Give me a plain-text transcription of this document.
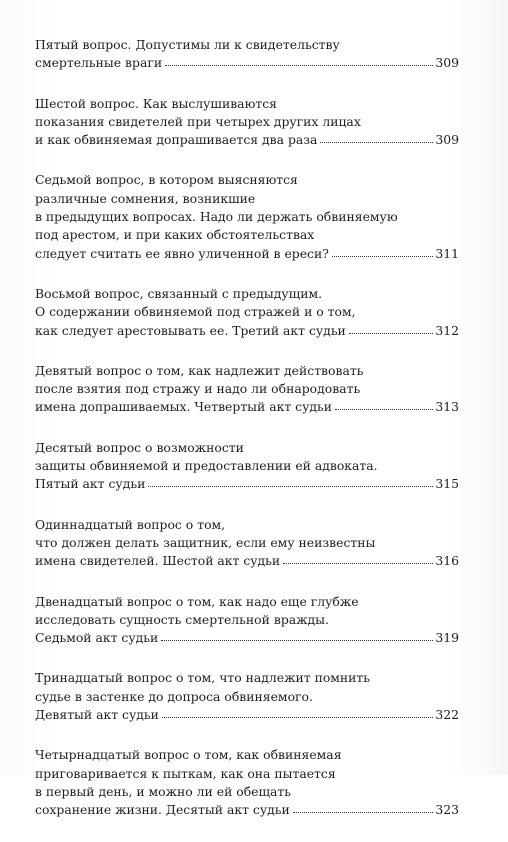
Пятый вопрос. Допустимы ли к свидетельству
смертельные враги	309
Шестой вопрос. Как выслушиваются
показания свидетелей при четырех других лицах
и как обвиняемая допрашивается два раза	309
Седьмой вопрос, в котором выясняются
различные сомнения, возникшие
в предыдущих вопросах. Надо ли держать обвиняемую
под арестом, и при каких обстоятельствах
следует считать ее явно уличенной в ереси?	311
Восьмой вопрос, связанный с предыдущим.
О содержании обвиняемой под стражей и о том,
как следует арестовывать ее. Третий акт судьи	312
Девятый вопрос о том, как надлежит действовать
после взятия под стражу и надо ли обнародовать
имена допрашиваемых. Четвертый акт судьи	313
Десятый вопрос о возможности
защиты обвиняемой и предоставлении ей адвоката.
Пятый акт судьи	315
Одиннадцатый вопрос о том,
что должен делать защитник, если ему неизвестны
имена свидетелей. Шестой акт судьи	316
Двенадцатый вопрос о том, как надо еще глубже
исследовать сущность смертельной вражды.
Седьмой акт судьи	319
Тринадцатый вопрос о том, что надлежит помнить
судье в застенке до допроса обвиняемого.
Девятый акт судьи	322
Четырнадцатый вопрос о том, как обвиняемая
приговаривается к пыткам, как она пытается
в первый день, и можно ли ей обещать
сохранение жизни. Десятый акт судьи	323
